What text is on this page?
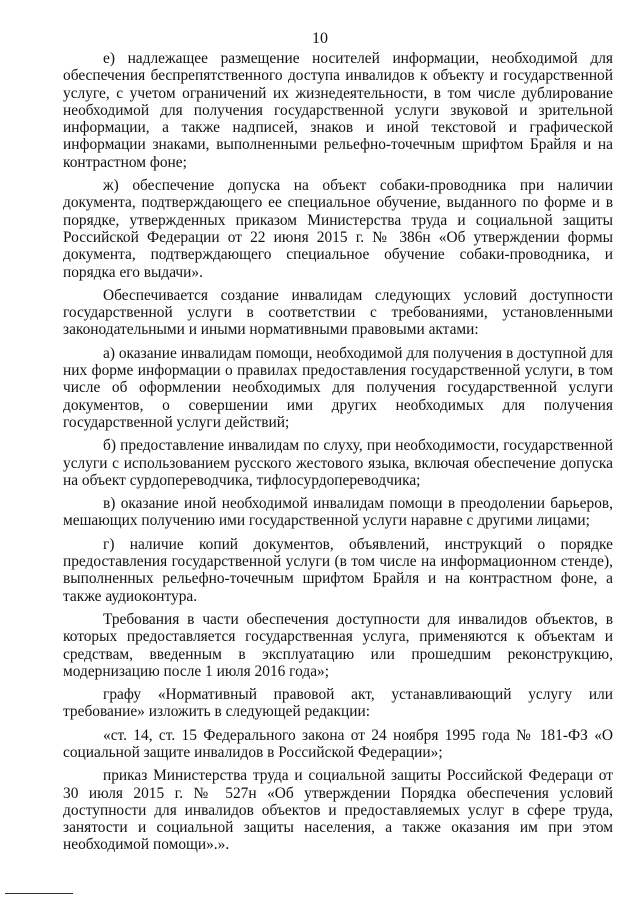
10

е) надлежащее размещение носителей информации, необходимой для обеспечения беспрепятственного доступа инвалидов к объекту и государственной услуге, с учетом ограничений их жизнедеятельности, в том числе дублирование необходимой для получения государственной услуги звуковой и зрительной информации, а также надписей, знаков и иной текстовой и графической информации знаками, выполненными рельефно-точечным шрифтом Брайля и на контрастном фоне;

ж) обеспечение допуска на объект собаки-проводника при наличии документа, подтверждающего ее специальное обучение, выданного по форме и в порядке, утвержденных приказом Министерства труда и социальной защиты Российской Федерации от 22 июня 2015 г. № 386н «Об утверждении формы документа, подтверждающего специальное обучение собаки-проводника, и порядка его выдачи».

Обеспечивается создание инвалидам следующих условий доступности государственной услуги в соответствии с требованиями, установленными законодательными и иными нормативными правовыми актами:

а) оказание инвалидам помощи, необходимой для получения в доступной для них форме информации о правилах предоставления государственной услуги, в том числе об оформлении необходимых для получения государственной услуги документов, о совершении ими других необходимых для получения государственной услуги действий;

б) предоставление инвалидам по слуху, при необходимости, государственной услуги с использованием русского жестового языка, включая обеспечение допуска на объект сурдопереводчика, тифлосурдопереводчика;

в) оказание иной необходимой инвалидам помощи в преодолении барьеров, мешающих получению ими государственной услуги наравне с другими лицами;

г) наличие копий документов, объявлений, инструкций о порядке предоставления государственной услуги (в том числе на информационном стенде), выполненных рельефно-точечным шрифтом Брайля и на контрастном фоне, а также аудиоконтура.

Требования в части обеспечения доступности для инвалидов объектов, в которых предоставляется государственная услуга, применяются к объектам и средствам, введенным в эксплуатацию или прошедшим реконструкцию, модернизацию после 1 июля 2016 года»;

графу «Нормативный правовой акт, устанавливающий услугу или требование» изложить в следующей редакции:

«ст. 14, ст. 15 Федерального закона от 24 ноября 1995 года № 181-ФЗ «О социальной защите инвалидов в Российской Федерации»;

приказ Министерства труда и социальной защиты Российской Федераци от 30 июля 2015 г. № 527н «Об утверждении Порядка обеспечения условий доступности для инвалидов объектов и предоставляемых услуг в сфере труда, занятости и социальной защиты населения, а также оказания им при этом необходимой помощи».».
